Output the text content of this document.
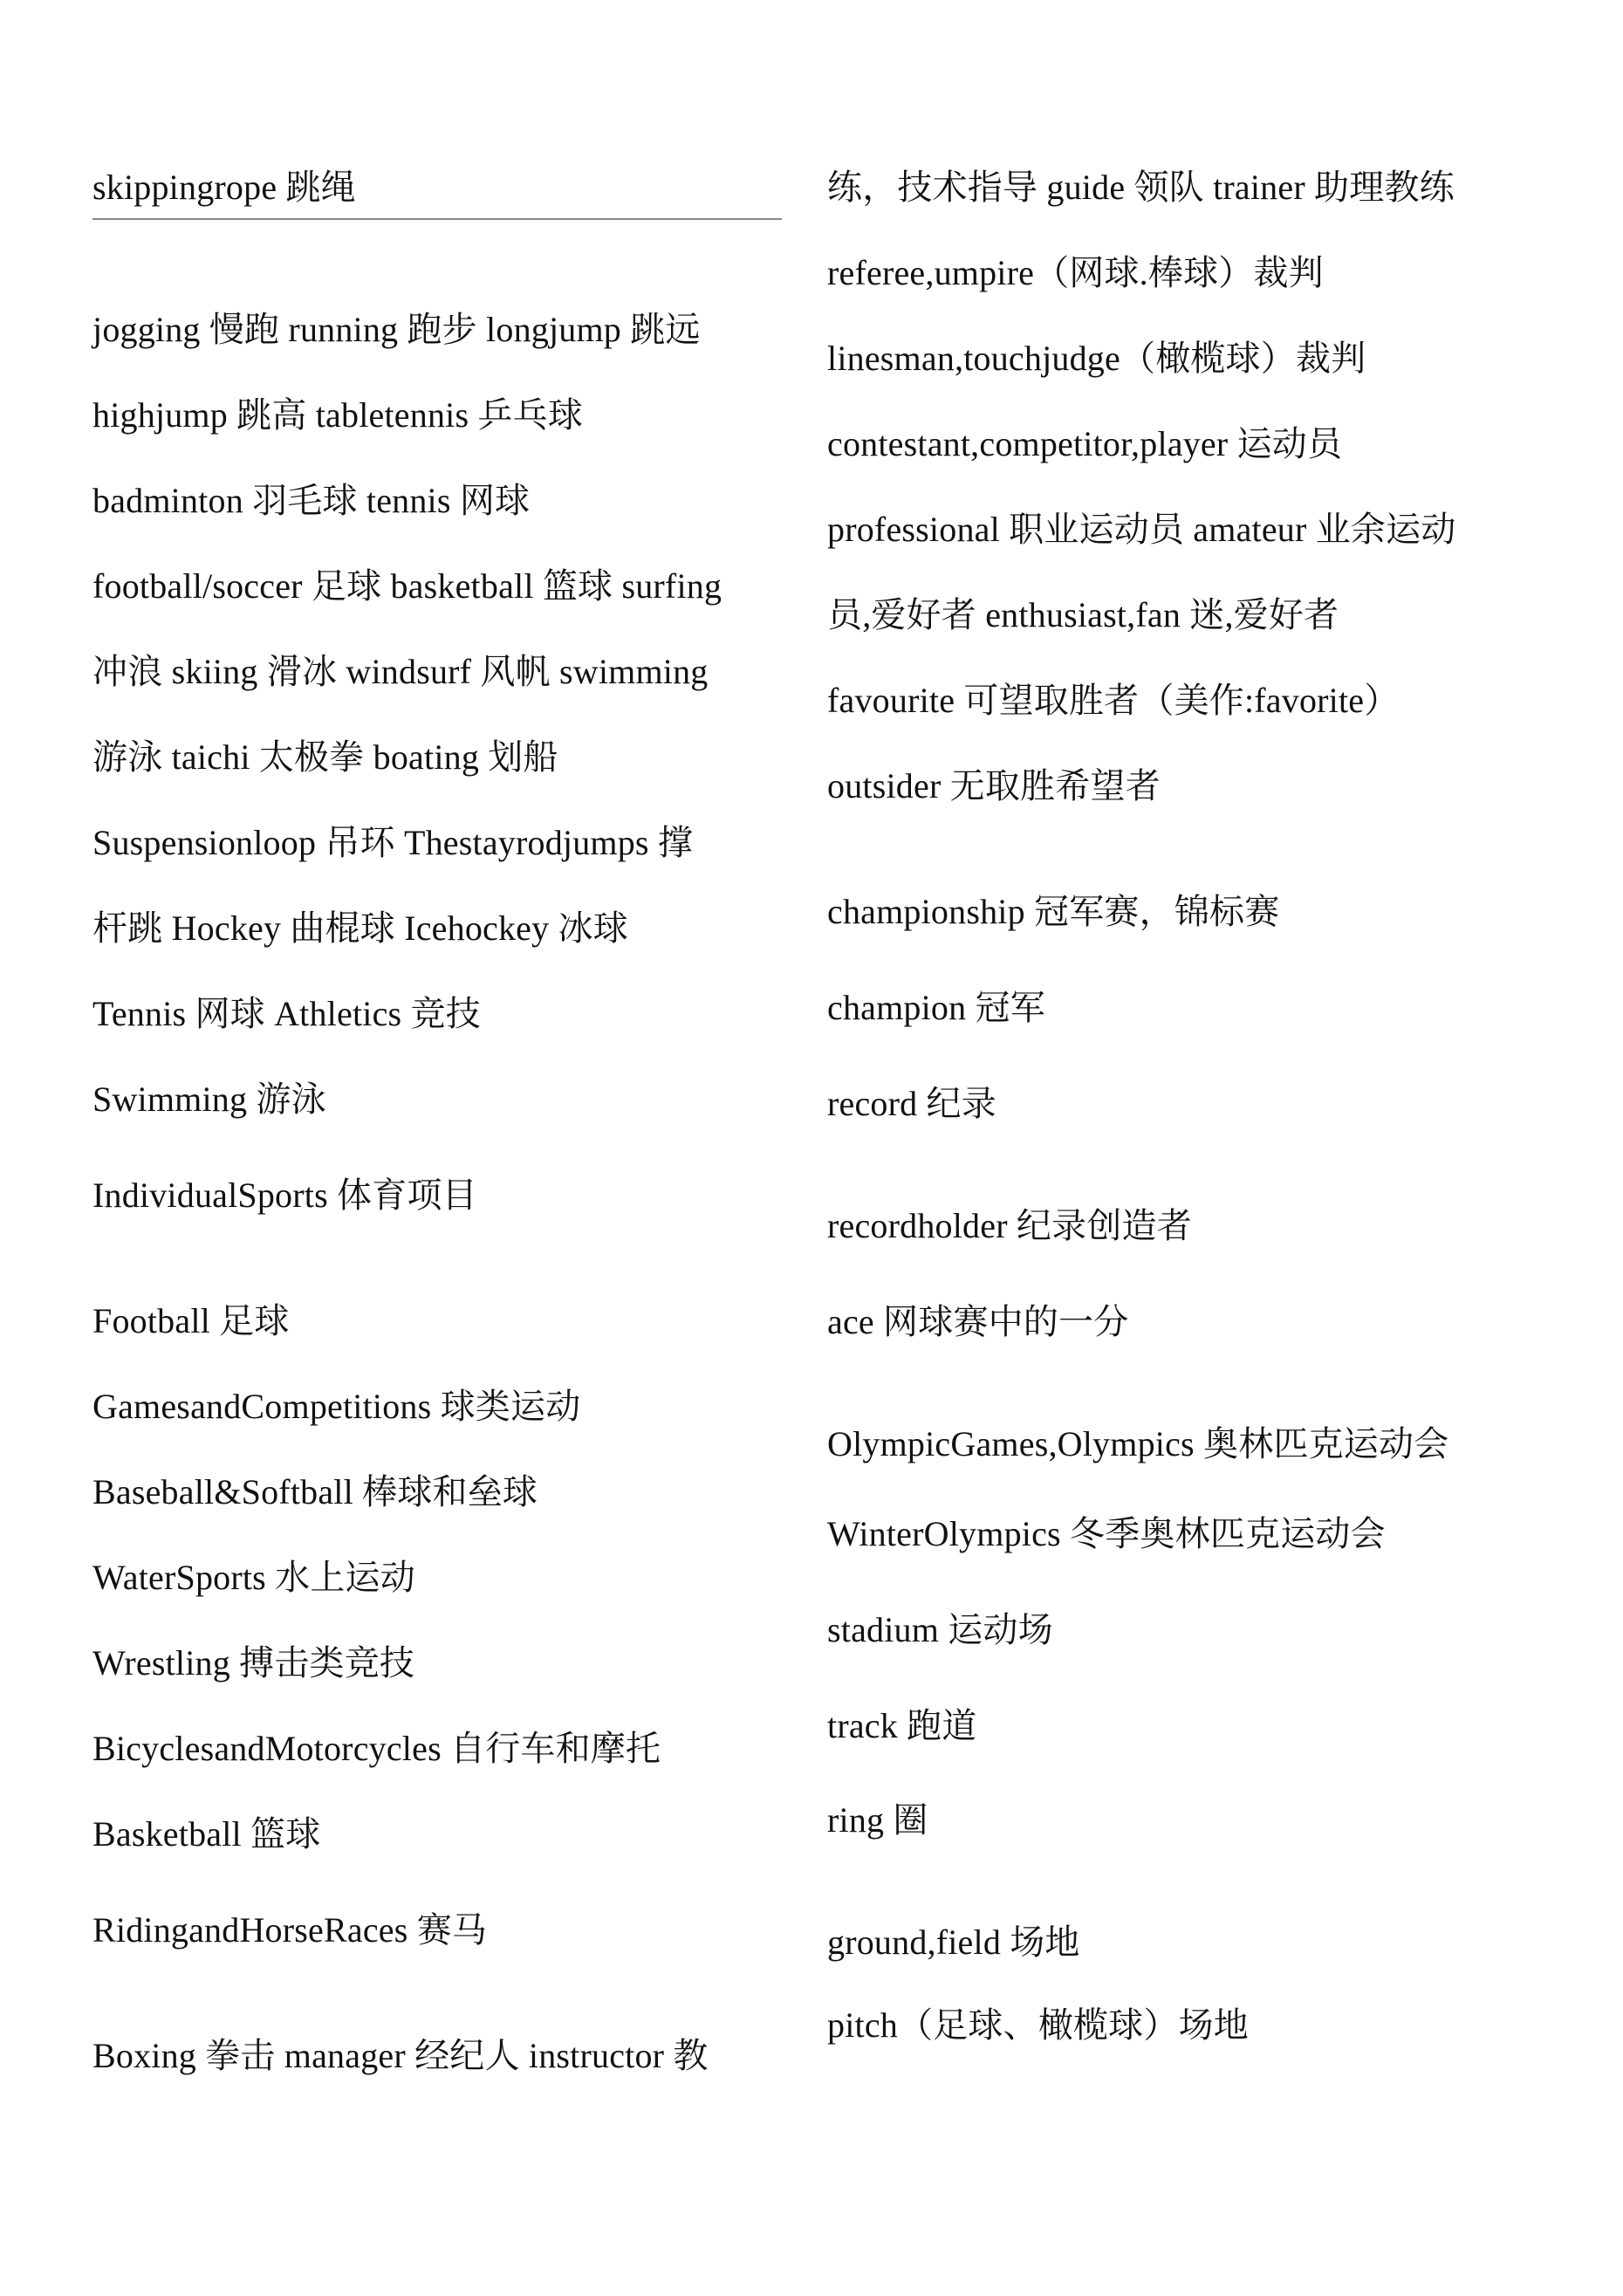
skippingrope 跳绳
jogging 慢跑 running 跑步 longjump 跳远
highjump 跳高 tabletennis 乒乓球
badminton 羽毛球 tennis 网球
football/soccer 足球 basketball 篮球 surfing
冲浪 skiing 滑冰 windsurf 风帆 swimming
游泳 taichi 太极拳 boating 划船
Suspensionloop 吊环 Thestayrodjumps 撑
杆跳 Hockey 曲棍球 Icehockey 冰球
Tennis 网球 Athletics 竞技
Swimming 游泳
IndividualSports 体育项目
Football 足球
GamesandCompetitions 球类运动
Baseball&Softball 棒球和垒球
WaterSports 水上运动
Wrestling 搏击类竞技
BicyclesandMotorcycles 自行车和摩托
Basketball 篮球
RidingandHorseRaces 赛马
Boxing 拳击 manager 经纪人 instructor 教
练，技术指导 guide 领队 trainer 助理教练
referee,umpire（网球.棒球）裁判
linesman,touchjudge（橄榄球）裁判
contestant,competitor,player 运动员
professional 职业运动员 amateur 业余运动
员,爱好者 enthusiast,fan 迷,爱好者
favourite 可望取胜者（美作:favorite）
outsider 无取胜希望者
championship 冠军赛，锦标赛
champion 冠军
record 纪录
recordholder 纪录创造者
ace 网球赛中的一分
OlympicGames,Olympics 奥林匹克运动会
WinterOlympics 冬季奥林匹克运动会
stadium 运动场
track 跑道
ring 圈
ground,field 场地
pitch（足球、橄榄球）场地
